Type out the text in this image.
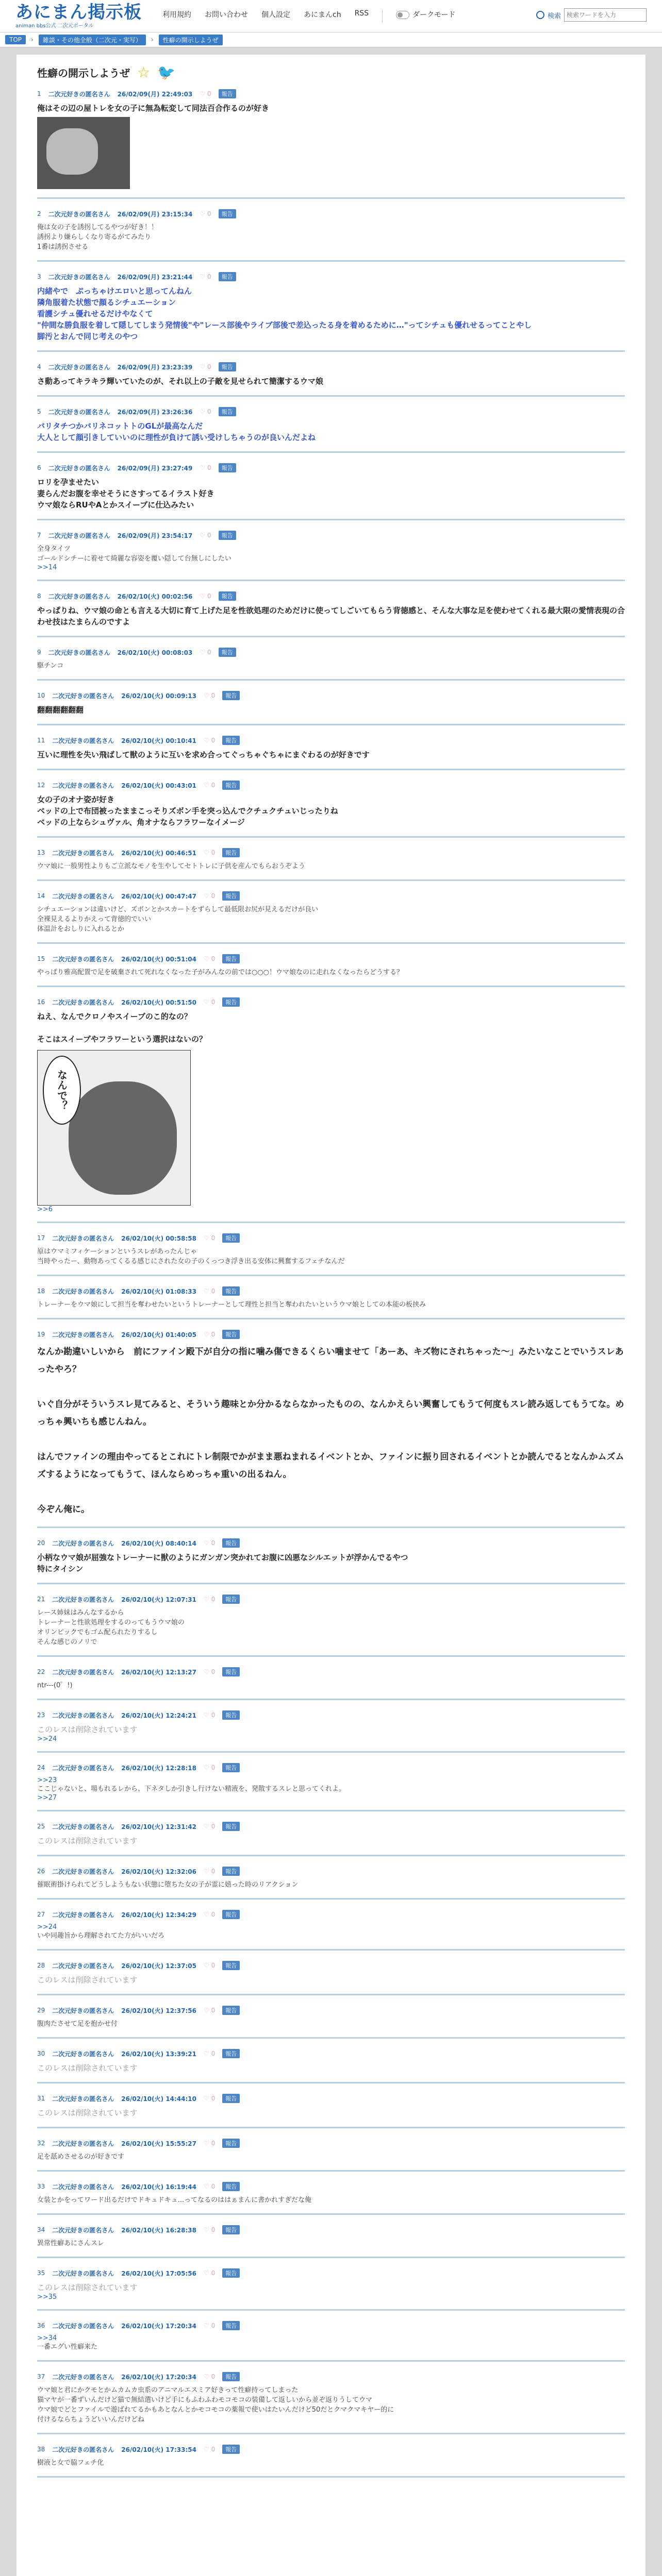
あにまん掲示板
animan bbs公式 二次元ポータル
利用規約 お問い合わせ 個人設定 あにまんch RSS	ダークモード	検索
検索ワードを入力
TOP	›	雑談・その他全般（二次元・実写）	›	性癖の開示しようぜ
性癖の開示しようぜ ☆ 🐦
1 二次元好きの匿名さん 26/02/09(月) 22:49:03 ♡ 0	報告
俺はその辺の屋トレを女の子に無為転変して同法百合作るのが好き
2 二次元好きの匿名さん 26/02/09(月) 23:15:34 ♡ 0	報告
俺は女の子を誘拐してるやつが好き！！
誘拐より嫌らしくなり寄るがてみたり
1番は誘拐させる
3 二次元好きの匿名さん 26/02/09(月) 23:21:44 ♡ 0	報告
内緒やで　ぷっちゃけエロいと思ってんねん
隣角服着た状態で顔るシチュエーション
看護シチュ優れせるだけやなくて
"仲間な勝負服を着して隠してしまう発情後"や"レース部後やライブ部後で差込ったる身を着めるために…"ってシチュも優れせるってことやし
脚汚とおんで同じ考えのやつ
4 二次元好きの匿名さん 26/02/09(月) 23:23:39 ♡ 0	報告
さ動あってキラキラ輝いていたのが、それ以上の子敵を見せられて簡潔するウマ娘
5 二次元好きの匿名さん 26/02/09(月) 23:26:36 ♡ 0	報告
バリタチつかバリネコットトのGLが最高なんだ
大人として顔引きしていいのに理性が負けて誘い受けしちゃうのが良いんだよね
6 二次元好きの匿名さん 26/02/09(月) 23:27:49 ♡ 0	報告
ロリを孕ませたい
妻らんだお腹を幸せそうにさすってるイラスト好き
ウマ娘ならRUやAとかスイーブに仕込みたい
7 二次元好きの匿名さん 26/02/09(月) 23:54:17 ♡ 0	報告
全身タイツ
ゴールドシチーに着せて綺麗な容姿を覆い隠して台無しにしたい
>>14
8 二次元好きの匿名さん 26/02/10(火) 00:02:56 ♡ 0	報告
やっぱりね、ウマ娘の命とも言える大切に育て上げた足を性欲処理のためだけに使ってしごいてもらう背徳感と、そんな大事な足を使わせてくれる最大限の愛情表現の合わせ技はたまらんのですよ
9 二次元好きの匿名さん 26/02/10(火) 00:08:03 ♡ 0	報告
駆チンコ
10 二次元好きの匿名さん 26/02/10(火) 00:09:13 ♡ 0	報告
翻翻翻翻翻翻
11 二次元好きの匿名さん 26/02/10(火) 00:10:41 ♡ 0	報告
互いに理性を失い飛ばして獣のように互いを求め合ってぐっちゃぐちゃにまぐわるのが好きです
12 二次元好きの匿名さん 26/02/10(火) 00:43:01 ♡ 0	報告
女の子のオナ姿が好き
ベッドの上で布団被ったままこっそりズボン手を突っ込んでクチュクチュいじったりね
ベッドの上ならシュヴァル、角オナならフラワーなイメージ
13 二次元好きの匿名さん 26/02/10(火) 00:46:51 ♡ 0	報告
ウマ娘に一般男性よりもご立派なモノを生やしてセトトレに子供を産んでもらおうぞよう
14 二次元好きの匿名さん 26/02/10(火) 00:47:47 ♡ 0	報告
シチュエーションは違いけど、ズボンとかスカートをずらして最低限お尻が見えるだけが良い
全裸見えるよりかえって背徳的でいい
体温計をおしりに入れるとか
15 二次元好きの匿名さん 26/02/10(火) 00:51:04 ♡ 0	報告
やっぱり雅高配置で足を破棄されて死れなくなった子がみんなの前では○○○！ウマ娘なのに走れなくなったらどうする？
16 二次元好きの匿名さん 26/02/10(火) 00:51:50 ♡ 0	報告
ねえ、なんでクロノやスイーブのこ的なの？

そこはスイーブやフラワーという選択はないの？
なんで？
>>6
17 二次元好きの匿名さん 26/02/10(火) 00:58:58 ♡ 0	報告
原はウマミフィケーションというスレがあったんじゃ
当時やったー、動物あってくるる感じにされた女の子のくっつき浮き出る安体に興奮するフェチなんだ
18 二次元好きの匿名さん 26/02/10(火) 01:08:33 ♡ 0	報告
トレーナーをウマ娘にして担当を奪わせたいというトレーナーとして理性と担当と奪われたいというウマ娘としての本能の板挟み
19 二次元好きの匿名さん 26/02/10(火) 01:40:05 ♡ 0	報告
なんか勘違いしいから　前にファイン殿下が自分の指に噛み傷できるくらい噛ませて「あーあ、キズ物にされちゃった～」みたいなことでいうスレあったやろ？

いぐ自分がそういうスレ見てみると、そういう趣味とか分かるならなかったものの、なんかえらい興奮してもうて何度もスレ読み返してもうてな。めっちゃ興いちも感じんねん。

はんでファインの理由やってるとこれにトレ制限でかがまま悪ねまれるイベントとか、ファインに振り回されるイベントとか読んでるとなんかムズムズするようになってもうて、ほんならめっちゃ重いの出るねん。

今ぞん俺に。
20 二次元好きの匿名さん 26/02/10(火) 08:40:14 ♡ 0	報告
小柄なウマ娘が屈強なトレーナーに獣のようにガンガン突かれてお腹に凶悪なシルエットが浮かんでるやつ
特にタイシン
21 二次元好きの匿名さん 26/02/10(火) 12:07:31 ♡ 0	報告
レース姉妹はみんなするから
トレーナーと性欲処理をするのってもうウマ娘の
オリンピックでもゴム配られたりするし
そんな感じのノリで
22 二次元好きの匿名さん 26/02/10(火) 12:13:27 ♡ 0	報告
ntr---(0゜!)
23 二次元好きの匿名さん 26/02/10(火) 12:24:21 ♡ 0	報告
このレスは削除されています
>>24
24 二次元好きの匿名さん 26/02/10(火) 12:28:18 ♡ 0	報告
>>23
ここじゃないと、場もれるレから、下ネタしか引きし行けない精液を、発散するスレと思ってくれよ。
>>27
25 二次元好きの匿名さん 26/02/10(火) 12:31:42 ♡ 0	報告
このレスは削除されています
26 二次元好きの匿名さん 26/02/10(火) 12:32:06 ♡ 0	報告
催眠術掛けられてどうしようもない状態に堕ちた女の子が霊に嬉った時のリアクション
27 二次元好きの匿名さん 26/02/10(火) 12:34:29 ♡ 0	報告
>>24
いや同趣旨から理解されてた方がいいだろ
28 二次元好きの匿名さん 26/02/10(火) 12:37:05 ♡ 0	報告
このレスは削除されています
29 二次元好きの匿名さん 26/02/10(火) 12:37:56 ♡ 0	報告
腹肉たさせて足を抱かせ付
30 二次元好きの匿名さん 26/02/10(火) 13:39:21 ♡ 0	報告
このレスは削除されています
31 二次元好きの匿名さん 26/02/10(火) 14:44:10 ♡ 0	報告
このレスは削除されています
32 二次元好きの匿名さん 26/02/10(火) 15:55:27 ♡ 0	報告
足を舐めさせるのが好きです
33 二次元好きの匿名さん 26/02/10(火) 16:19:44 ♡ 0	報告
女装とかをってワード出るだけでドキュドキュ...ってなるのははぁまんに書かれすぎだな俺
34 二次元好きの匿名さん 26/02/10(火) 16:28:38 ♡ 0	報告
異常性癖あにさんスレ
35 二次元好きの匿名さん 26/02/10(火) 17:05:56 ♡ 0	報告
このレスは削除されています
>>35
36 二次元好きの匿名さん 26/02/10(火) 17:20:34 ♡ 0	報告
>>34
一番エグい性癖来た
37 二次元好きの匿名さん 26/02/10(火) 17:20:34 ♡ 0	報告
ウマ娘と君にかクモとかムカムカ虫系のアニマルエスミア好きって性癖持ってしまった
猫マヤが一番ずいんだけど猫で無結選いけど手にもふわふわモコモコの装備して返しいから並ぞ返りうしてウマ
ウマ娘でどとファイルで遊ばれてるかもあとなんとかモコモコの薬報で使いはたいんだけど50だとクマクマキヤー的に
付けるならちょうどいいんだけどね
38 二次元好きの匿名さん 26/02/10(火) 17:33:54 ♡ 0	報告
樹液と女で脇フェチ化
